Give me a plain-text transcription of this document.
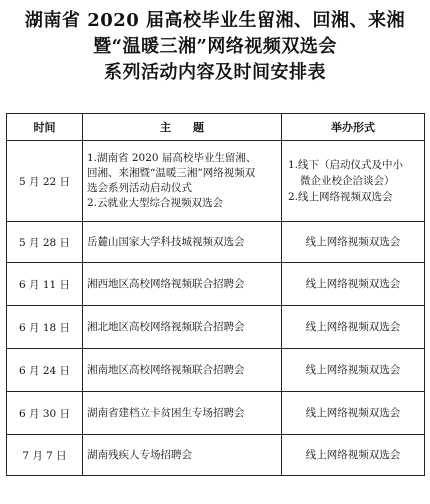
湖南省 2020 届高校毕业生留湘、回湘、来湘
暨“温暖三湘”网络视频双选会
系列活动内容及时间安排表
时间	主　　题	举办形式
5 月 22 日	1.湖南省 2020 届高校毕业生留湘、
回湘、来湘暨“温暖三湘”网络视频双
选会系列活动启动仪式
2.云就业大型综合视频双选会	1.线下（启动仪式及中小
微企业校企洽谈会）
2.线上网络视频双选会

5 月 28 日	岳麓山国家大学科技城视频双选会	线上网络视频双选会
6 月 11 日	湘西地区高校网络视频联合招聘会	线上网络视频双选会
6 月 18 日	湘北地区高校网络视频联合招聘会	线上网络视频双选会
6 月 24 日	湘南地区高校网络视频联合招聘会	线上网络视频双选会
6 月 30 日	湖南省建档立卡贫困生专场招聘会	线上网络视频双选会
7 月 7 日	湖南残疾人专场招聘会	线上网络视频双选会
